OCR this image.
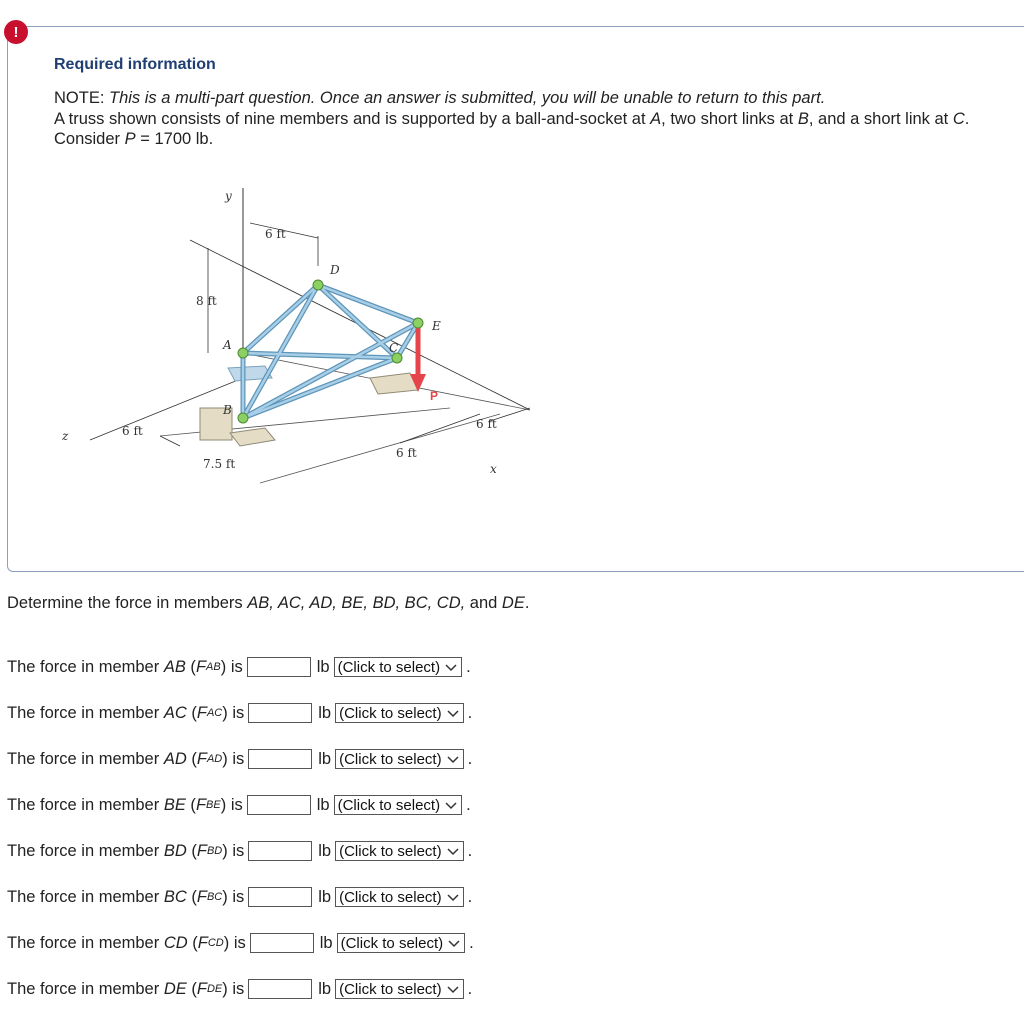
!
Required information
NOTE: This is a multi-part question. Once an answer is submitted, you will be unable to return to this part.
A truss shown consists of nine members and is supported by a ball-and-socket at A, two short links at B, and a short link at C. Consider P = 1700 lb.
y
z
x
6 ft
8 ft
6 ft
7.5 ft
6 ft
6 ft
A
B
C
D
E
P
Determine the force in members AB, AC, AD, BE, BD, BC, CD, and DE.
The force in member
AB ( F AB ) is	lb (Click to select) .
The force in member
AC ( F AC ) is	lb (Click to select) .
The force in member
AD ( F AD ) is	lb (Click to select) .
The force in member
BE ( F BE ) is	lb (Click to select) .
The force in member
BD ( F BD ) is	lb (Click to select) .
The force in member
BC ( F BC ) is	lb (Click to select) .
The force in member
CD ( F CD ) is	lb (Click to select) .
The force in member
DE ( F DE ) is	lb (Click to select) .
